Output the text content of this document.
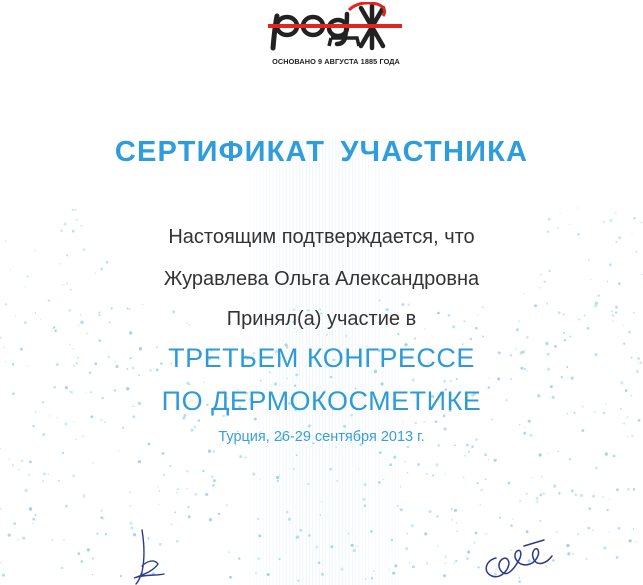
ОСНОВАНО 9 АВГУСТА 1885 ГОДА
СЕРТИФИКАТ УЧАСТНИКА
Настоящим подтверждается, что
Журавлева Ольга Александровна
Принял(а) участие в
ТРЕТЬЕМ КОНГРЕССЕ
ПО ДЕРМОКОСМЕТИКЕ
Турция, 26-29 сентября 2013 г.
